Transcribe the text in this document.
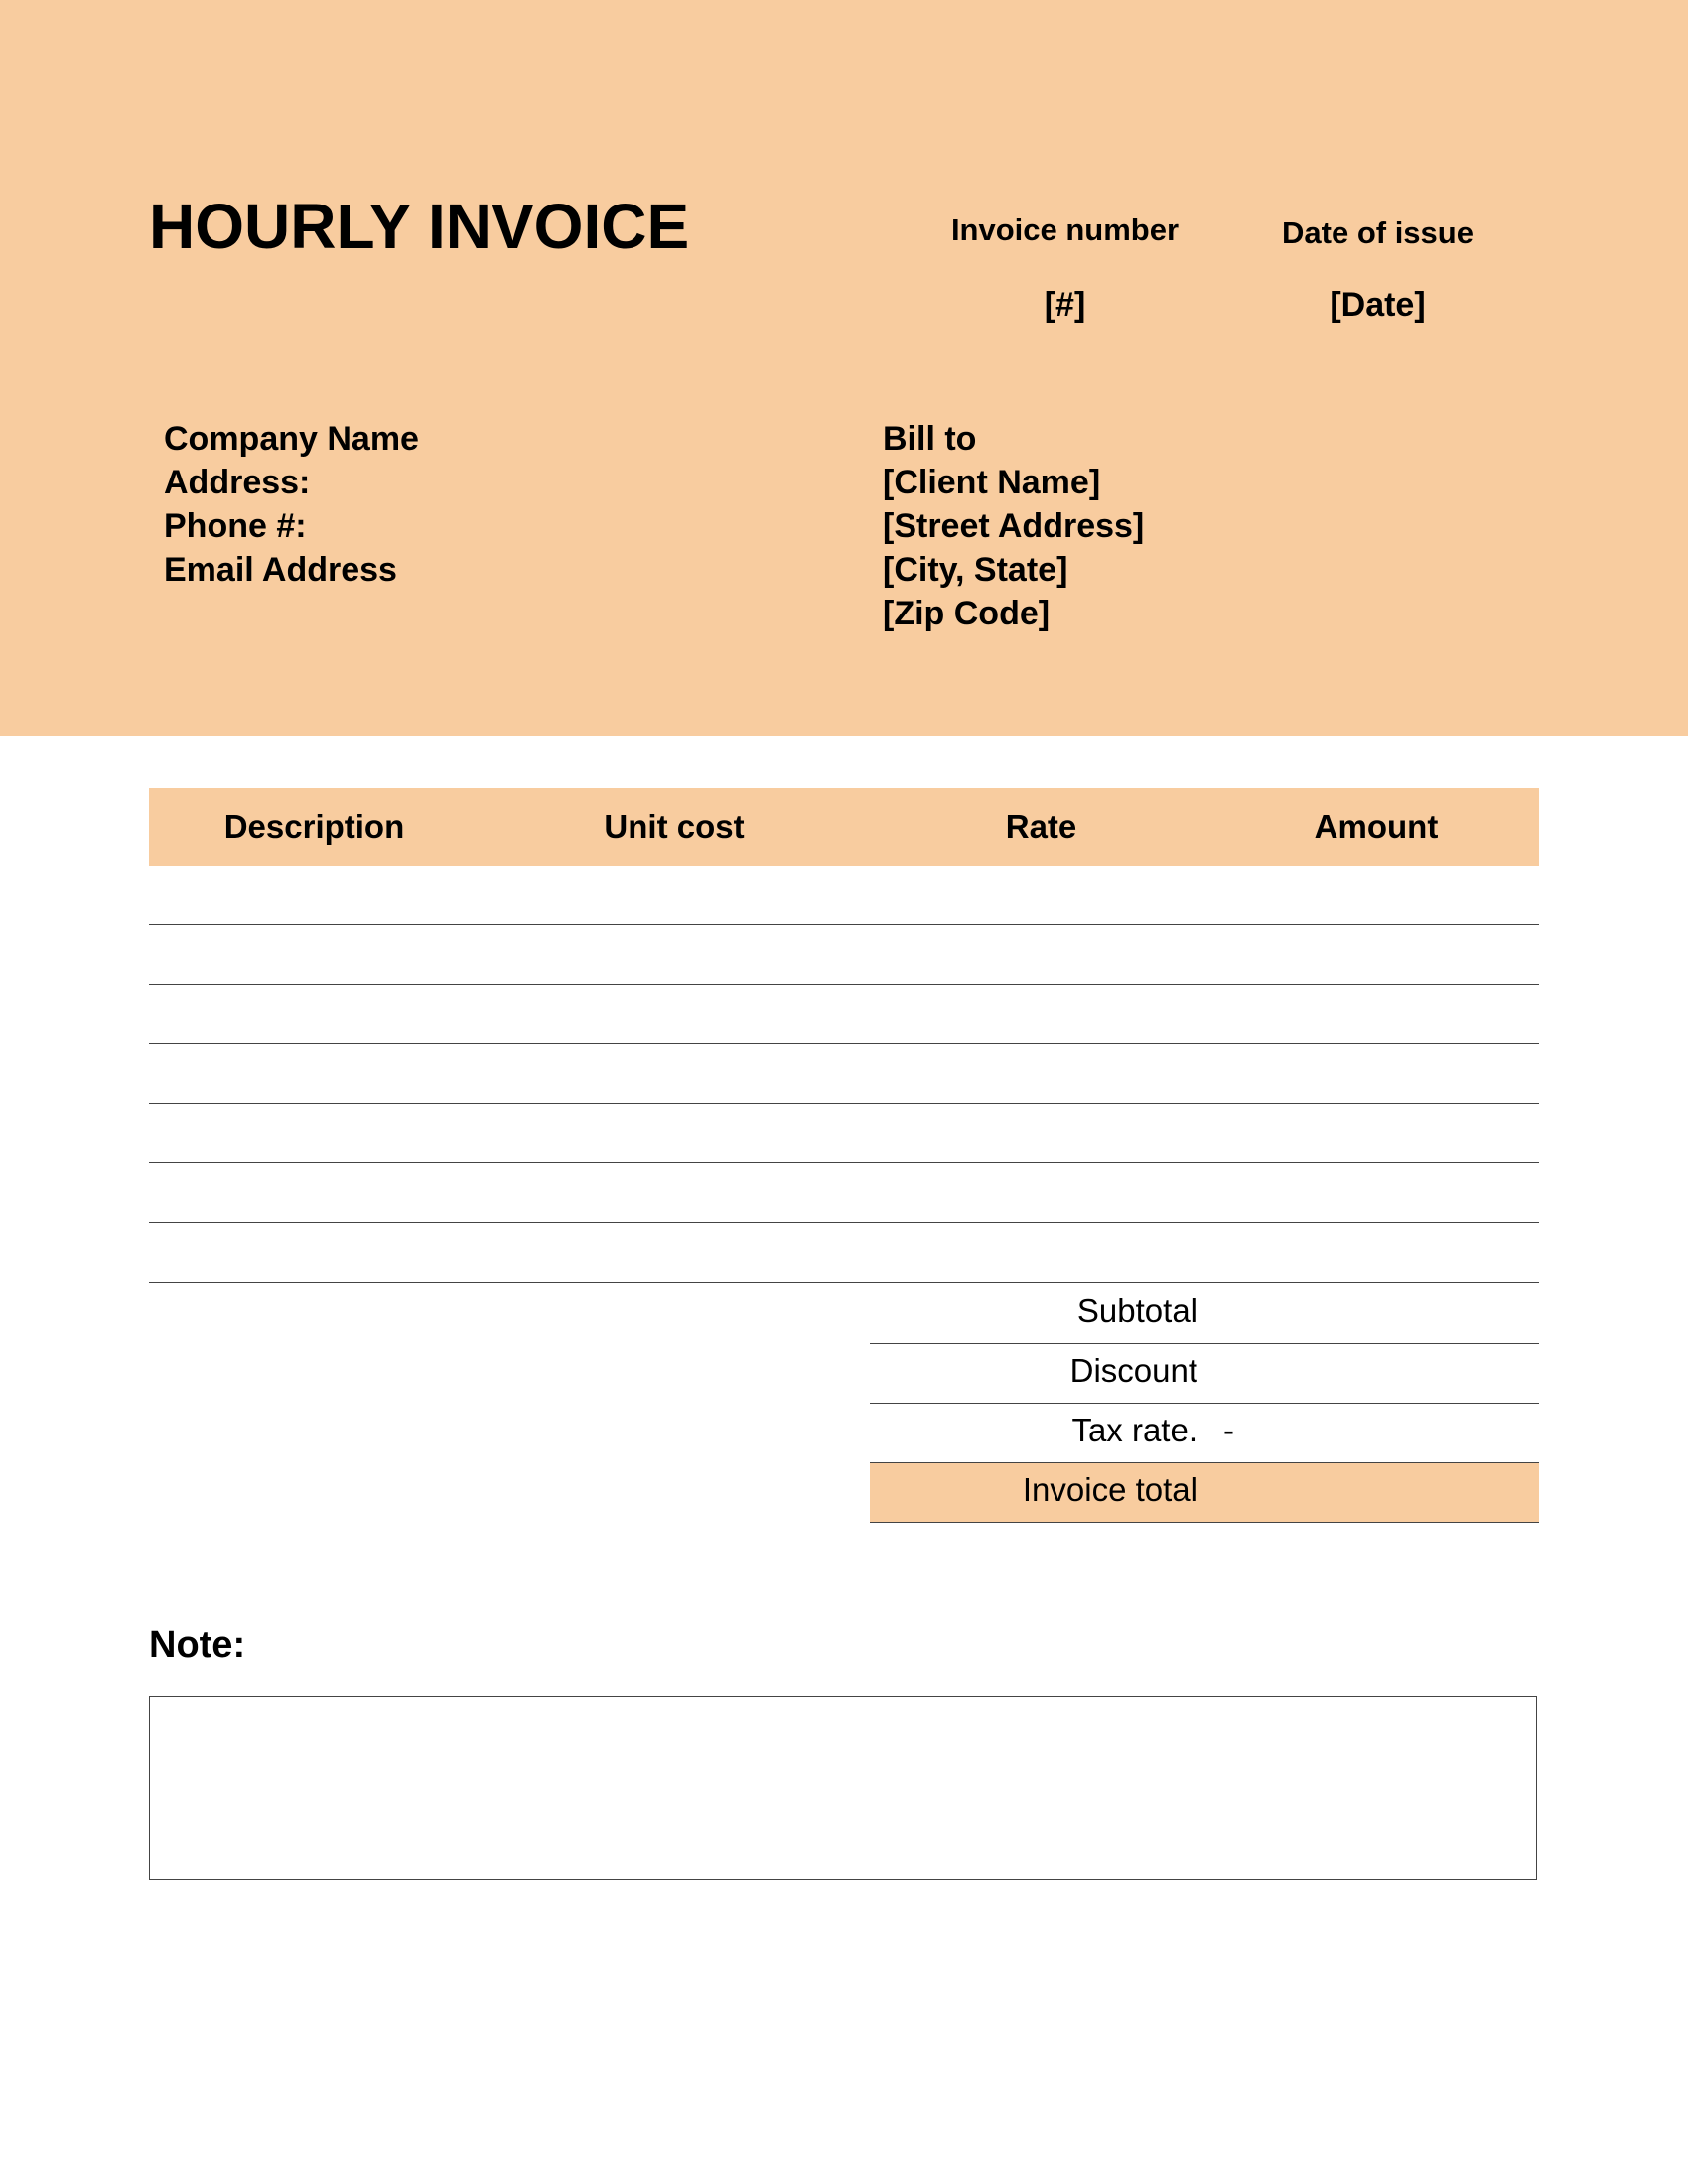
HOURLY INVOICE	Invoice number
[#]
Date of issue
[Date]
Company Name
Address:
Phone #:
Email Address
Bill to
[Client Name]
[Street Address]
[City, State]
[Zip Code]
Description	Unit cost	Rate	Amount

Subtotal
Discount
Tax rate. -
Invoice total
Note:
